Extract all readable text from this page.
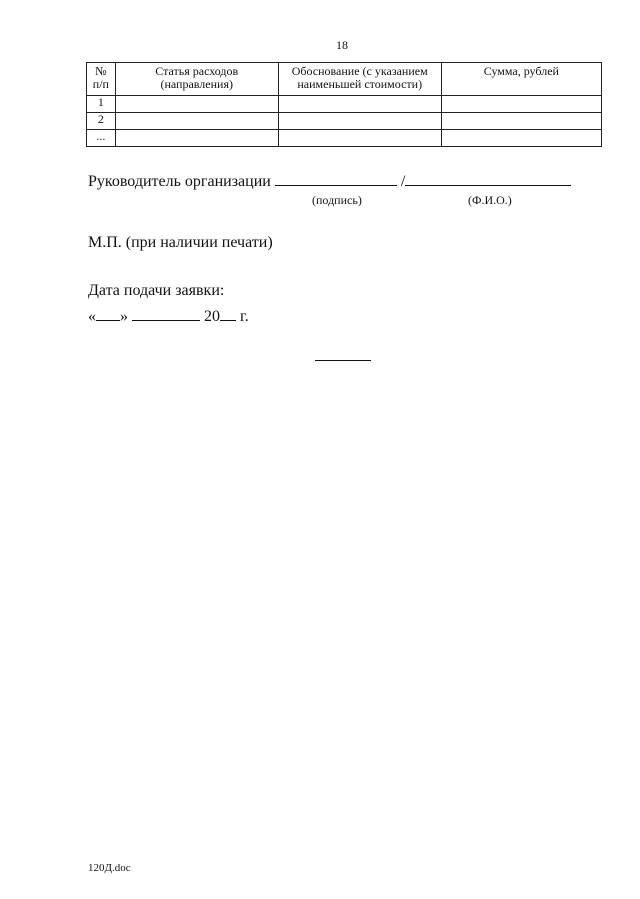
18
№ п/п	Статья расходов (направления)	Обоснование (с указанием наименьшей стоимости)	Сумма, рублей
1			
2			
...			
Руководитель организации	/
(подпись)	(Ф.И.О.)
М.П. (при наличии печати)
Дата подачи заявки:
« »	20 г.
120Д.doc
